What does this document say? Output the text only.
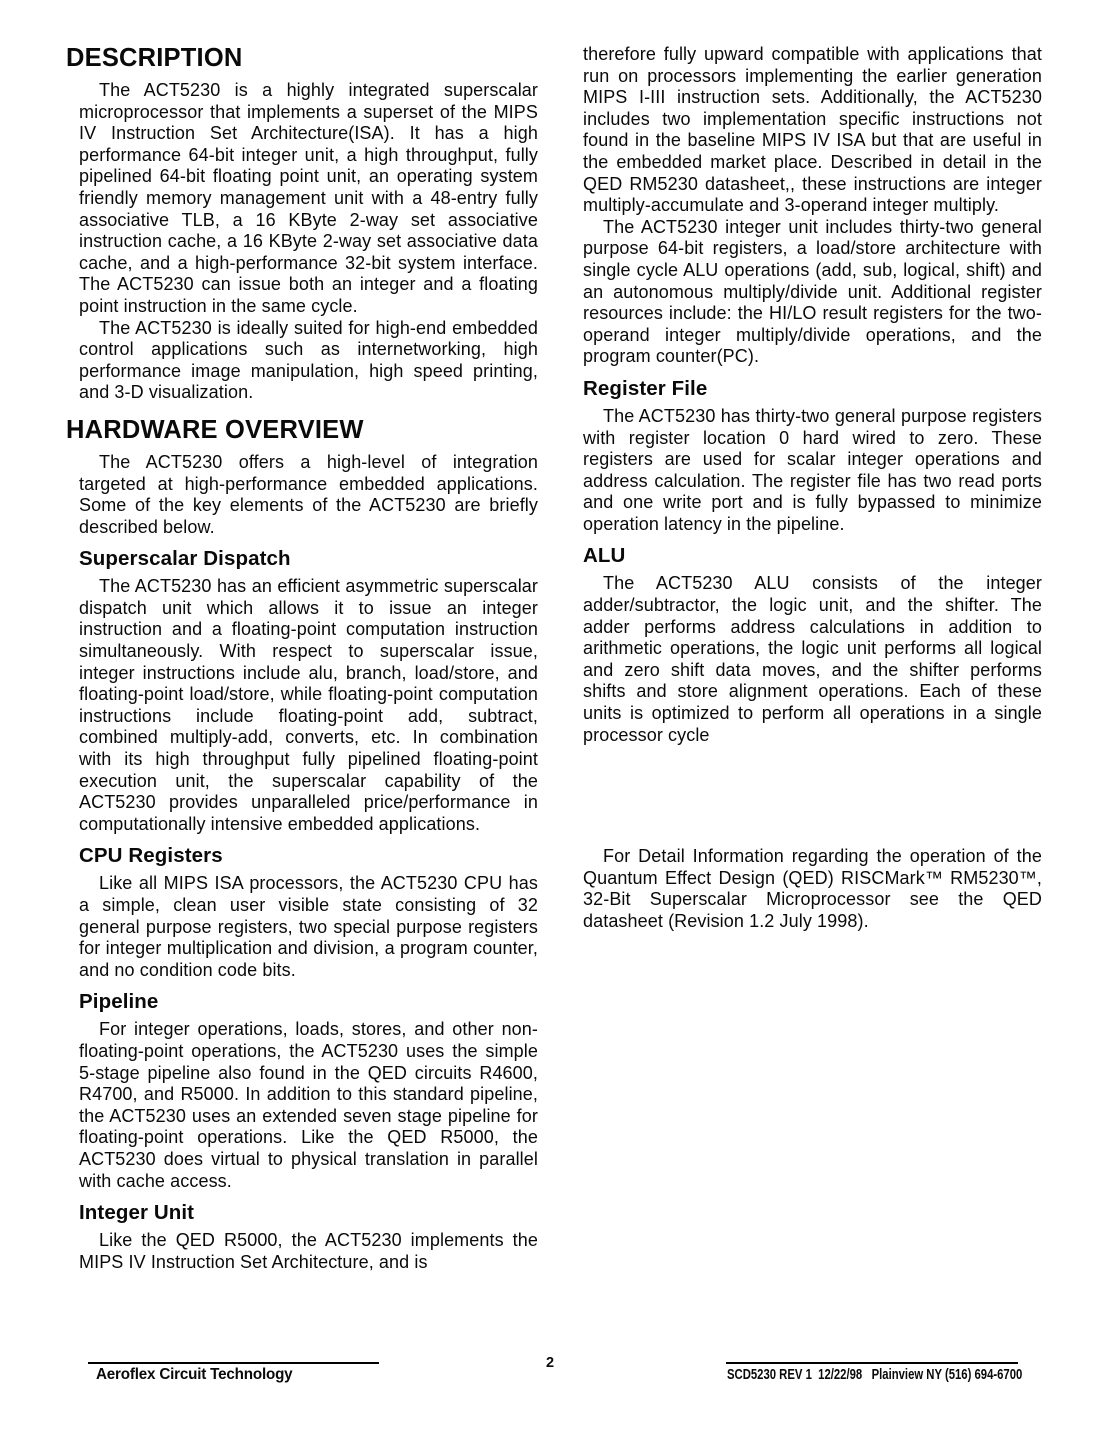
DESCRIPTION

The ACT5230 is a highly integrated superscalar microprocessor that implements a superset of the MIPS IV Instruction Set Architecture(ISA). It has a high performance 64-bit integer unit, a high throughput, fully pipelined 64-bit floating point unit, an operating system friendly memory management unit with a 48-entry fully associative TLB, a 16 KByte 2-way set associative instruction cache, a 16 KByte 2-way set associative data cache, and a high-performance 32-bit system interface. The ACT5230 can issue both an integer and a floating point instruction in the same cycle.

The ACT5230 is ideally suited for high-end embedded control applications such as internetworking, high performance image manipulation, high speed printing, and 3-D visualization.

HARDWARE OVERVIEW

The ACT5230 offers a high-level of integration targeted at high-performance embedded applications. Some of the key elements of the ACT5230 are briefly described below.

Superscalar Dispatch

The ACT5230 has an efficient asymmetric superscalar dispatch unit which allows it to issue an integer instruction and a floating-point computation instruction simultaneously. With respect to superscalar issue, integer instructions include alu, branch, load/store, and floating-point load/store, while floating-point computation instructions include floating-point add, subtract, combined multiply-add, converts, etc. In combination with its high throughput fully pipelined floating-point execution unit, the superscalar capability of the ACT5230 provides unparalleled price/performance in computationally intensive embedded applications.

CPU Registers

Like all MIPS ISA processors, the ACT5230 CPU has a simple, clean user visible state consisting of 32 general purpose registers, two special purpose registers for integer multiplication and division, a program counter, and no condition code bits.

Pipeline

For integer operations, loads, stores, and other non-floating-point operations, the ACT5230 uses the simple 5-stage pipeline also found in the QED circuits R4600, R4700, and R5000. In addition to this standard pipeline, the ACT5230 uses an extended seven stage pipeline for floating-point operations. Like the QED R5000, the ACT5230 does virtual to physical translation in parallel with cache access.

Integer Unit

Like the QED R5000, the ACT5230 implements the MIPS IV Instruction Set Architecture, and is

therefore fully upward compatible with applications that run on processors implementing the earlier generation MIPS I-III instruction sets. Additionally, the ACT5230 includes two implementation specific instructions not found in the baseline MIPS IV ISA but that are useful in the embedded market place. Described in detail in the QED RM5230 datasheet,, these instructions are integer multiply-accumulate and 3-operand integer multiply.

The ACT5230 integer unit includes thirty-two general purpose 64-bit registers, a load/store architecture with single cycle ALU operations (add, sub, logical, shift) and an autonomous multiply/divide unit. Additional register resources include: the HI/LO result registers for the two-operand integer multiply/divide operations, and the program counter(PC).

Register File

The ACT5230 has thirty-two general purpose registers with register location 0 hard wired to zero. These registers are used for scalar integer operations and address calculation. The register file has two read ports and one write port and is fully bypassed to minimize operation latency in the pipeline.

ALU

The ACT5230 ALU consists of the integer adder/subtractor, the logic unit, and the shifter. The adder performs address calculations in addition to arithmetic operations, the logic unit performs all logical and zero shift data moves, and the shifter performs shifts and store alignment operations. Each of these units is optimized to perform all operations in a single processor cycle

For Detail Information regarding the operation of the Quantum Effect Design (QED) RISCMark™ RM5230™, 32-Bit Superscalar Microprocessor see the QED datasheet (Revision 1.2 July 1998).

Aeroflex Circuit Technology
2
SCD5230 REV 1  12/22/98   Plainview NY (516) 694-6700
